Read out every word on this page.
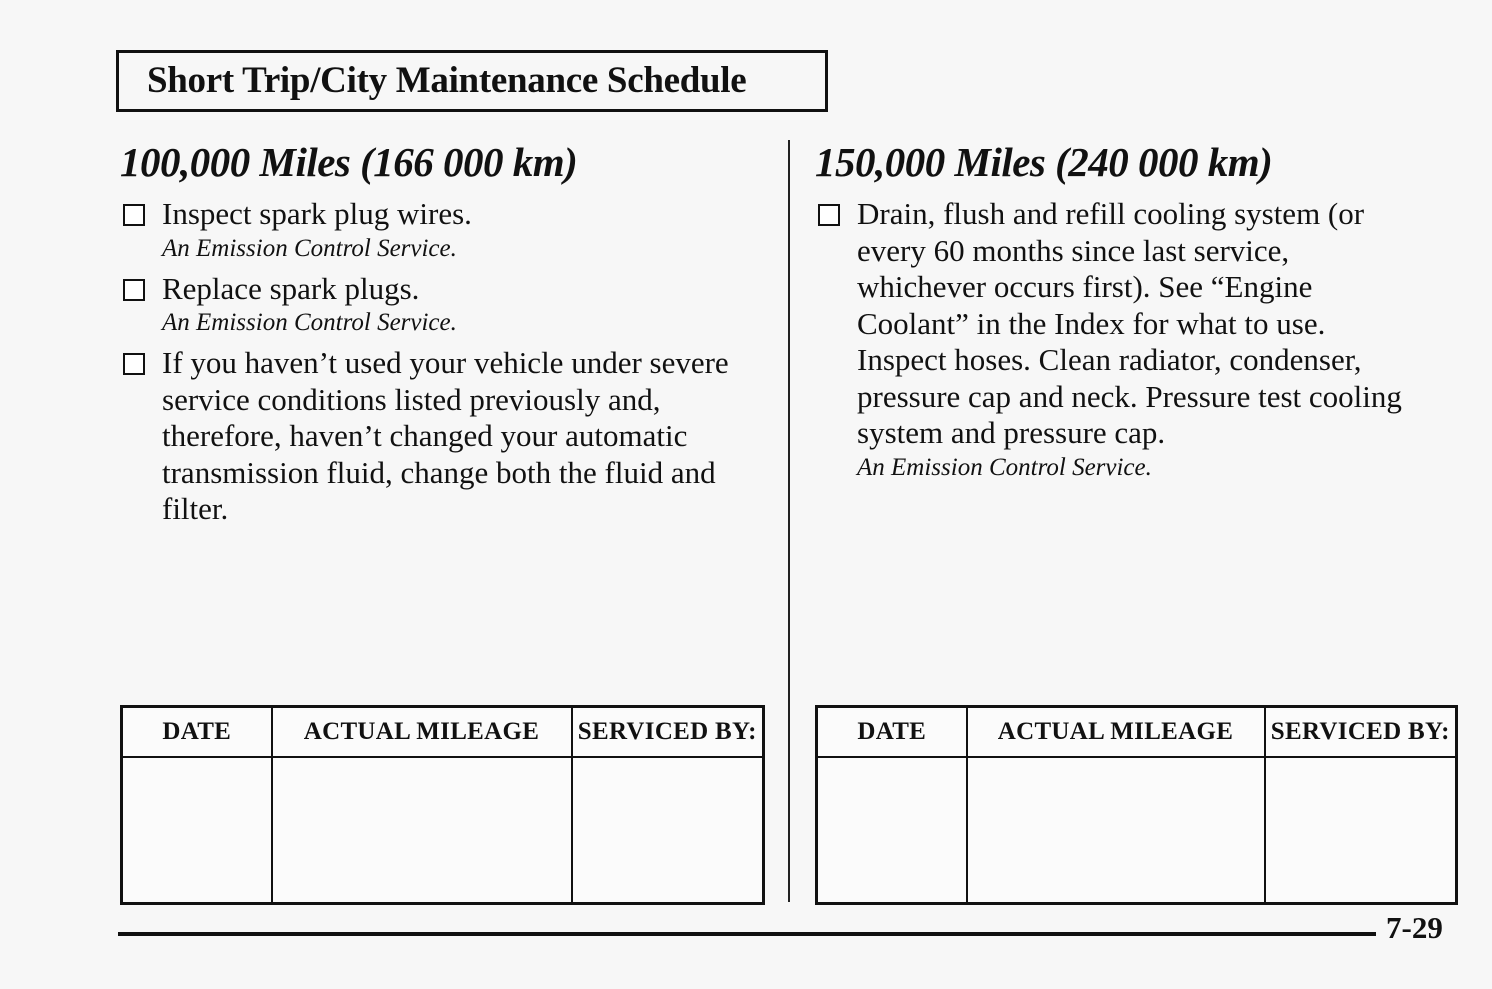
Short Trip/City Maintenance Schedule
100,000 Miles (166 000 km)
Inspect spark plug wires.
An Emission Control Service.
Replace spark plugs.
An Emission Control Service.
If you haven’t used your vehicle under severe service conditions listed previously and, therefore, haven’t changed your automatic transmission fluid, change both the fluid and filter.
150,000 Miles (240 000 km)
Drain, flush and refill cooling system (or every 60 months since last service, whichever occurs first). See “Engine Coolant” in the Index for what to use. Inspect hoses. Clean radiator, condenser, pressure cap and neck. Pressure test cooling system and pressure cap.
An Emission Control Service.
DATE	ACTUAL MILEAGE	SERVICED BY:
			DATE	ACTUAL MILEAGE	SERVICED BY:

7-29
